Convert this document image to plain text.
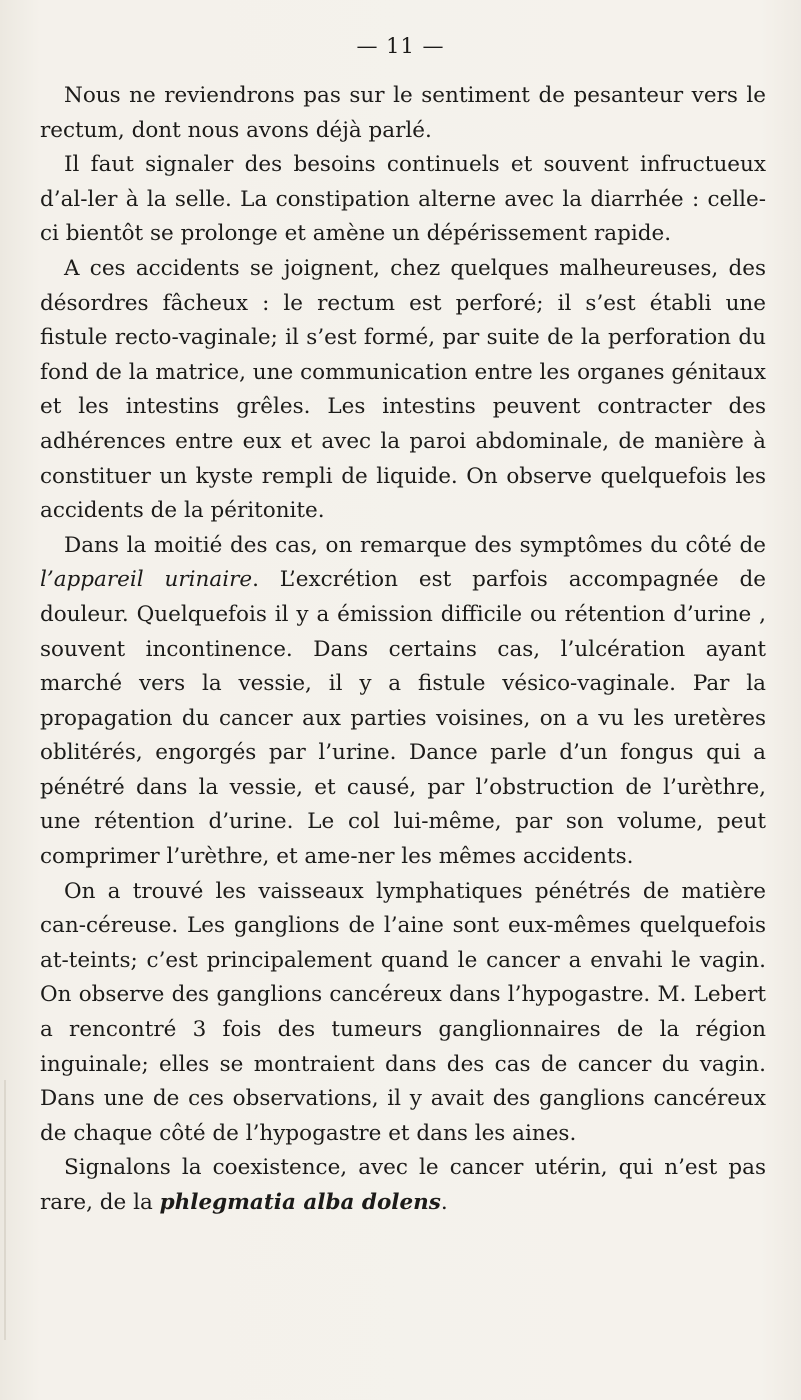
— 11 —

Nous ne reviendrons pas sur le sentiment de pesanteur vers le rectum, dont nous avons déjà parlé.

Il faut signaler des besoins continuels et souvent infructueux d’al-ler à la selle. La constipation alterne avec la diarrhée : celle-ci bientôt se prolonge et amène un dépérissement rapide.

A ces accidents se joignent, chez quelques malheureuses, des désordres fâcheux : le rectum est perforé; il s’est établi une fistule recto-vaginale; il s’est formé, par suite de la perforation du fond de la matrice, une communication entre les organes génitaux et les intestins grêles. Les intestins peuvent contracter des adhérences entre eux et avec la paroi abdominale, de manière à constituer un kyste rempli de liquide. On observe quelquefois les accidents de la péritonite.

Dans la moitié des cas, on remarque des symptômes du côté de l’appareil urinaire. L’excrétion est parfois accompagnée de douleur. Quelquefois il y a émission difficile ou rétention d’urine , souvent incontinence. Dans certains cas, l’ulcération ayant marché vers la vessie, il y a fistule vésico-vaginale. Par la propagation du cancer aux parties voisines, on a vu les uretères oblitérés, engorgés par l’urine. Dance parle d’un fongus qui a pénétré dans la vessie, et causé, par l’obstruction de l’urèthre, une rétention d’urine. Le col lui-même, par son volume, peut comprimer l’urèthre, et ame-ner les mêmes accidents.

On a trouvé les vaisseaux lymphatiques pénétrés de matière can-céreuse. Les ganglions de l’aine sont eux-mêmes quelquefois at-teints; c’est principalement quand le cancer a envahi le vagin. On observe des ganglions cancéreux dans l’hypogastre. M. Lebert a rencontré 3 fois des tumeurs ganglionnaires de la région inguinale; elles se montraient dans des cas de cancer du vagin. Dans une de ces observations, il y avait des ganglions cancéreux de chaque côté de l’hypogastre et dans les aines.

Signalons la coexistence, avec le cancer utérin, qui n’est pas rare, de la phlegmatia alba dolens.
